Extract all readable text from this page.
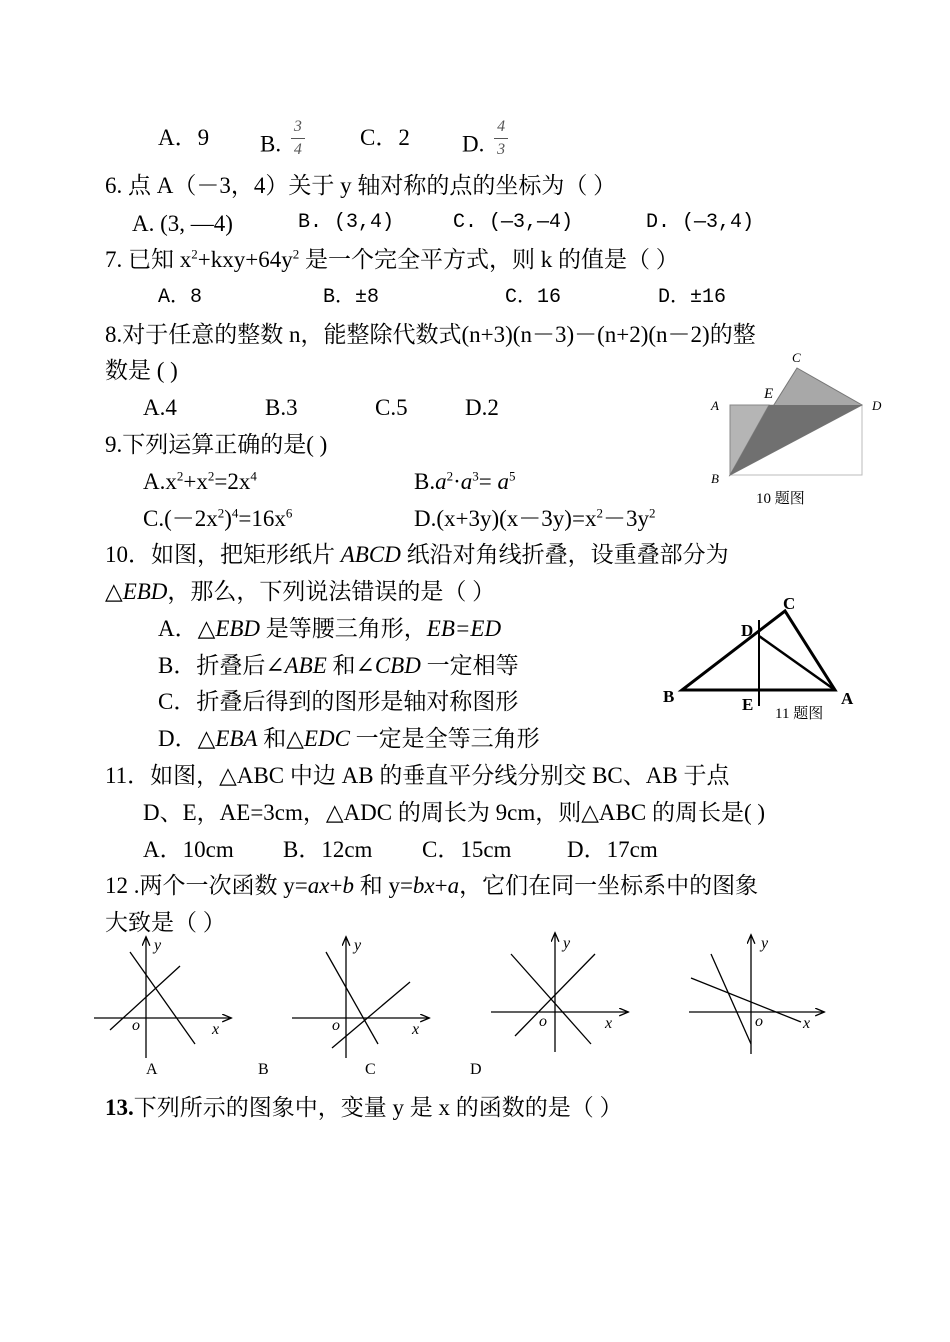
A．9 B. $\frac{3}{4}$ C．2 D. $\frac{4}{3}$
6. 点 A（－3，4）关于 y 轴对称的点的坐标为（ ）
A. (3, —4)	B. (3,4)	C. (—3,—4)	D. (—3,4)
7. 已知 $x^2+kxy+64y^2$ 是一个完全平方式，则 k 的值是（ ）
A．8	B．±8	C．16	D．±16
8.对于任意的整数 n，能整除代数式(n+3)(n－3)－(n+2)(n－2)的整
数是 ( )
A.4	B.3	C.5 D.2
9.下列运算正确的是( )
$A.x^2+x^2=2x^4$	$B.a^2\cdot a^3= a^5$
$C.(-2x^2)^4=16x^6$	$D.(x+3y)(x-3y)=x^2-3y^2$
C
E
A	D
B
10 题图
10．如图，把矩形纸片 ABCD 纸沿对角线折叠，设重叠部分为
△EBD，那么，下列说法错误的是（ ）
A．△EBD 是等腰三角形，EB=ED
B．折叠后∠ABE 和∠CBD 一定相等
C．折叠后得到的图形是轴对称图形
D．△EBA 和△EDC 一定是全等三角形
C
D
B	E	A
11 题图
11．如图，△ABC 中边 AB 的垂直平分线分别交 BC、AB 于点
D、E，AE=3cm，△ADC 的周长为 9cm，则△ABC 的周长是( )
A．10cm B．12cm C．15cm D．17cm
12 .两个一次函数 y=ax+b 和 y=bx+a，它们在同一坐标系中的图象
大致是（ ）
y
o	x
y
o	x
y
o	x
y
o	x
A	B	C	D
13.下列所示的图象中，变量 y 是 x 的函数的是（ ）
